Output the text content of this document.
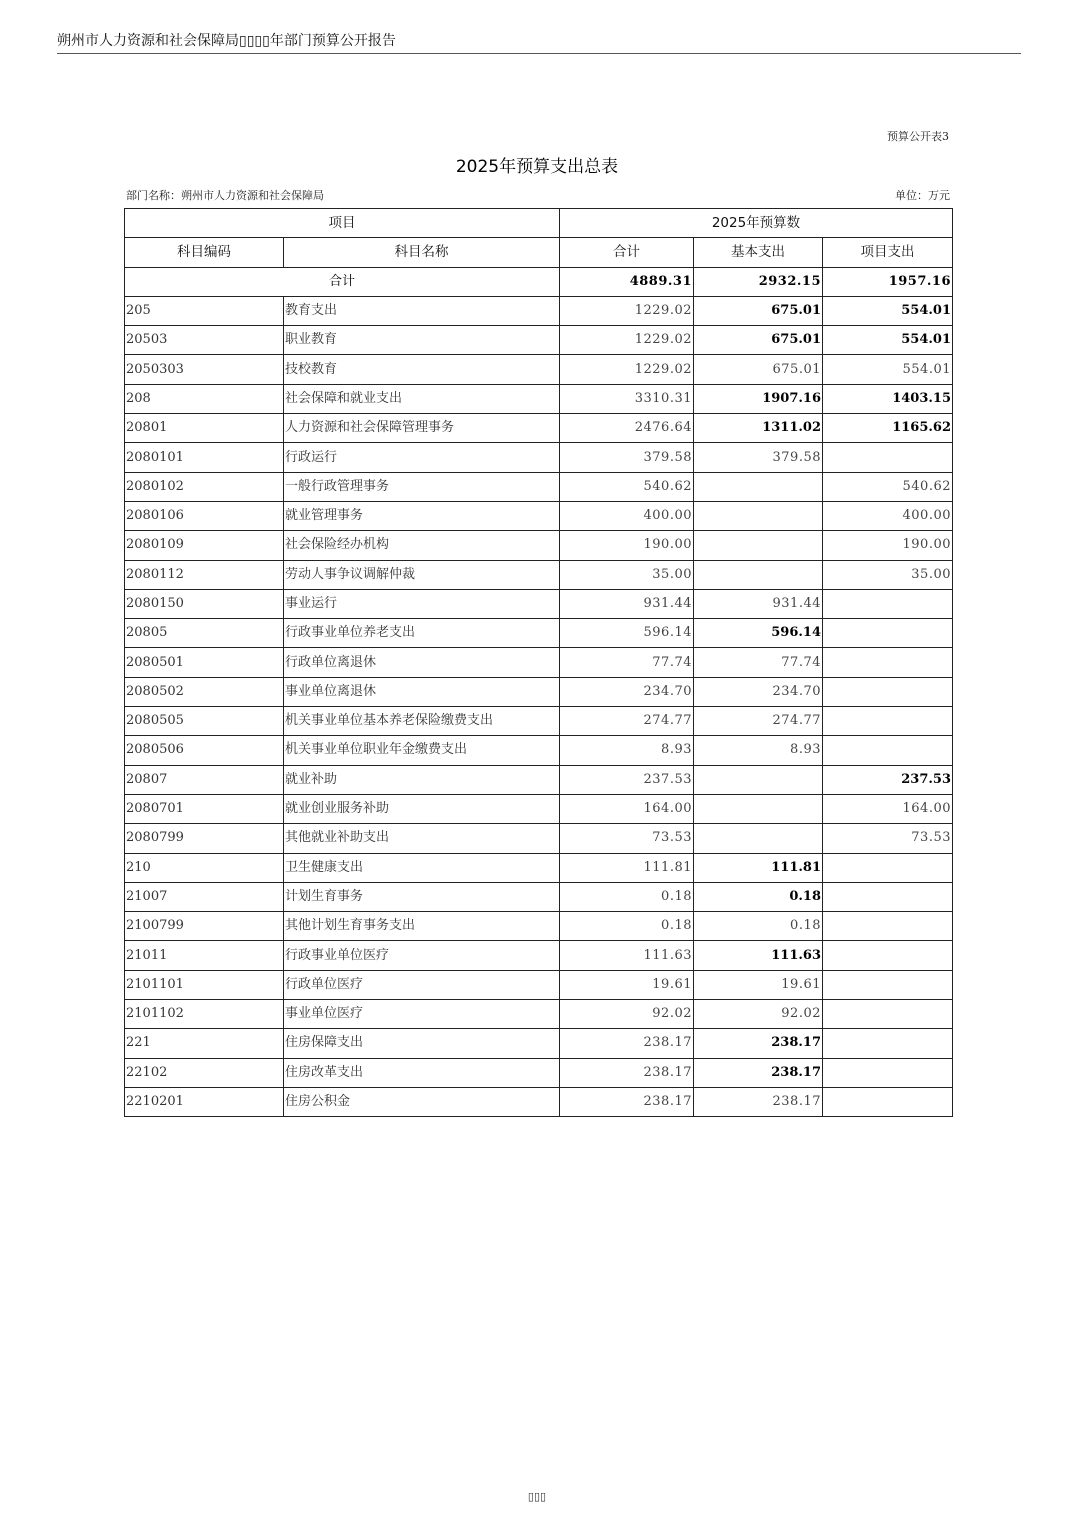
朔州市人力资源和社会保障局▯▯▯▯年部门预算公开报告
预算公开表3
2025年预算支出总表
部门名称：朔州市人力资源和社会保障局	单位：万元
项目		2025年预算数		
科目编码	科目名称	合计	基本支出	项目支出
合计		4889.31	2932.15	1957.16
205	教育支出	1229.02	675.01	554.01
20503	职业教育	1229.02	675.01	554.01
2050303	技校教育	1229.02	675.01	554.01
208	社会保障和就业支出	3310.31	1907.16	1403.15
20801	人力资源和社会保障管理事务	2476.64	1311.02	1165.62
2080101	行政运行	379.58	379.58	
2080102	一般行政管理事务	540.62		540.62
2080106	就业管理事务	400.00		400.00
2080109	社会保险经办机构	190.00		190.00
2080112	劳动人事争议调解仲裁	35.00		35.00
2080150	事业运行	931.44	931.44	
20805	行政事业单位养老支出	596.14	596.14	
2080501	行政单位离退休	77.74	77.74	
2080502	事业单位离退休	234.70	234.70	
2080505	机关事业单位基本养老保险缴费支出	274.77	274.77	
2080506	机关事业单位职业年金缴费支出	8.93	8.93	
20807	就业补助	237.53		237.53
2080701	就业创业服务补助	164.00		164.00
2080799	其他就业补助支出	73.53		73.53
210	卫生健康支出	111.81	111.81	
21007	计划生育事务	0.18	0.18	
2100799	其他计划生育事务支出	0.18	0.18	
21011	行政事业单位医疗	111.63	111.63	
2101101	行政单位医疗	19.61	19.61	
2101102	事业单位医疗	92.02	92.02	
221	住房保障支出	238.17	238.17	
22102	住房改革支出	238.17	238.17	
2210201	住房公积金	238.17	238.17	
▯▯▯
